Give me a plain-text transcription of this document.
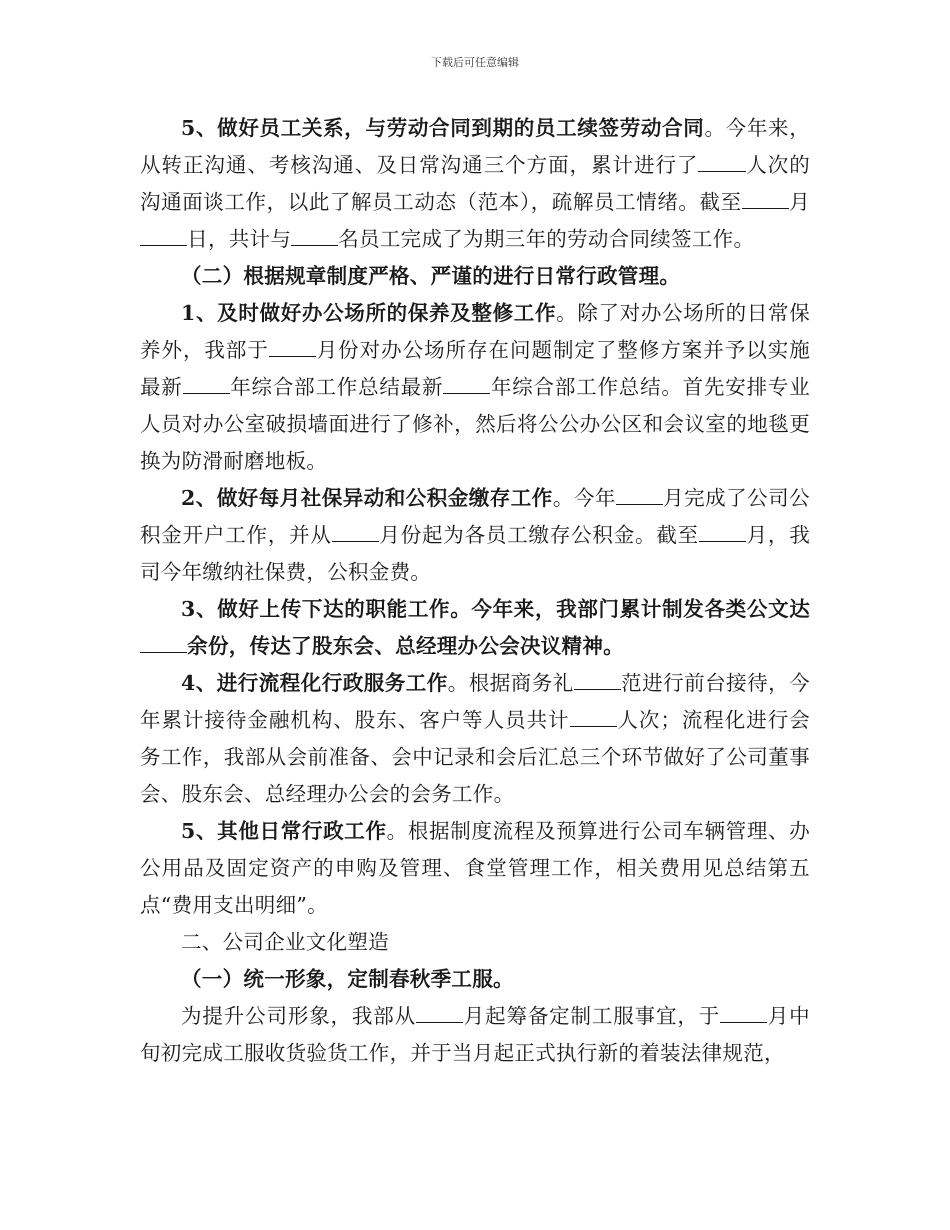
下载后可任意编辑

5、做好员工关系，与劳动合同到期的员工续签劳动合同。今年来，从转正沟通、考核沟通、及日常沟通三个方面，累计进行了 人次的沟通面谈工作，以此了解员工动态（范本），疏解员工情绪。截至 月日，共计与 名员工完成了为期三年的劳动合同续签工作。

（二）根据规章制度严格、严谨的进行日常行政管理。

1、及时做好办公场所的保养及整修工作。除了对办公场所的日常保养外，我部于 月份对办公场所存在问题制定了整修方案并予以实施最新 年综合部工作总结最新 年综合部工作总结。首先安排专业人员对办公室破损墙面进行了修补，然后将公公办公区和会议室的地毯更换为防滑耐磨地板。

2、做好每月社保异动和公积金缴存工作。今年 月完成了公司公积金开户工作，并从 月份起为各员工缴存公积金。截至 月，我司今年缴纳社保费，公积金费。

3、做好上传下达的职能工作。今年来，我部门累计制发各类公文达余份，传达了股东会、总经理办公会决议精神。

4、进行流程化行政服务工作。根据商务礼 范进行前台接待，今年累计接待金融机构、股东、客户等人员共计 人次；流程化进行会务工作，我部从会前准备、会中记录和会后汇总三个环节做好了公司董事会、股东会、总经理办公会的会务工作。

5、其他日常行政工作。根据制度流程及预算进行公司车辆管理、办公用品及固定资产的申购及管理、食堂管理工作，相关费用见总结第五点“费用支出明细”。

二、公司企业文化塑造

（一）统一形象，定制春秋季工服。

为提升公司形象，我部从 月起筹备定制工服事宜，于 月中旬初完成工服收货验货工作，并于当月起正式执行新的着装法律规范，
